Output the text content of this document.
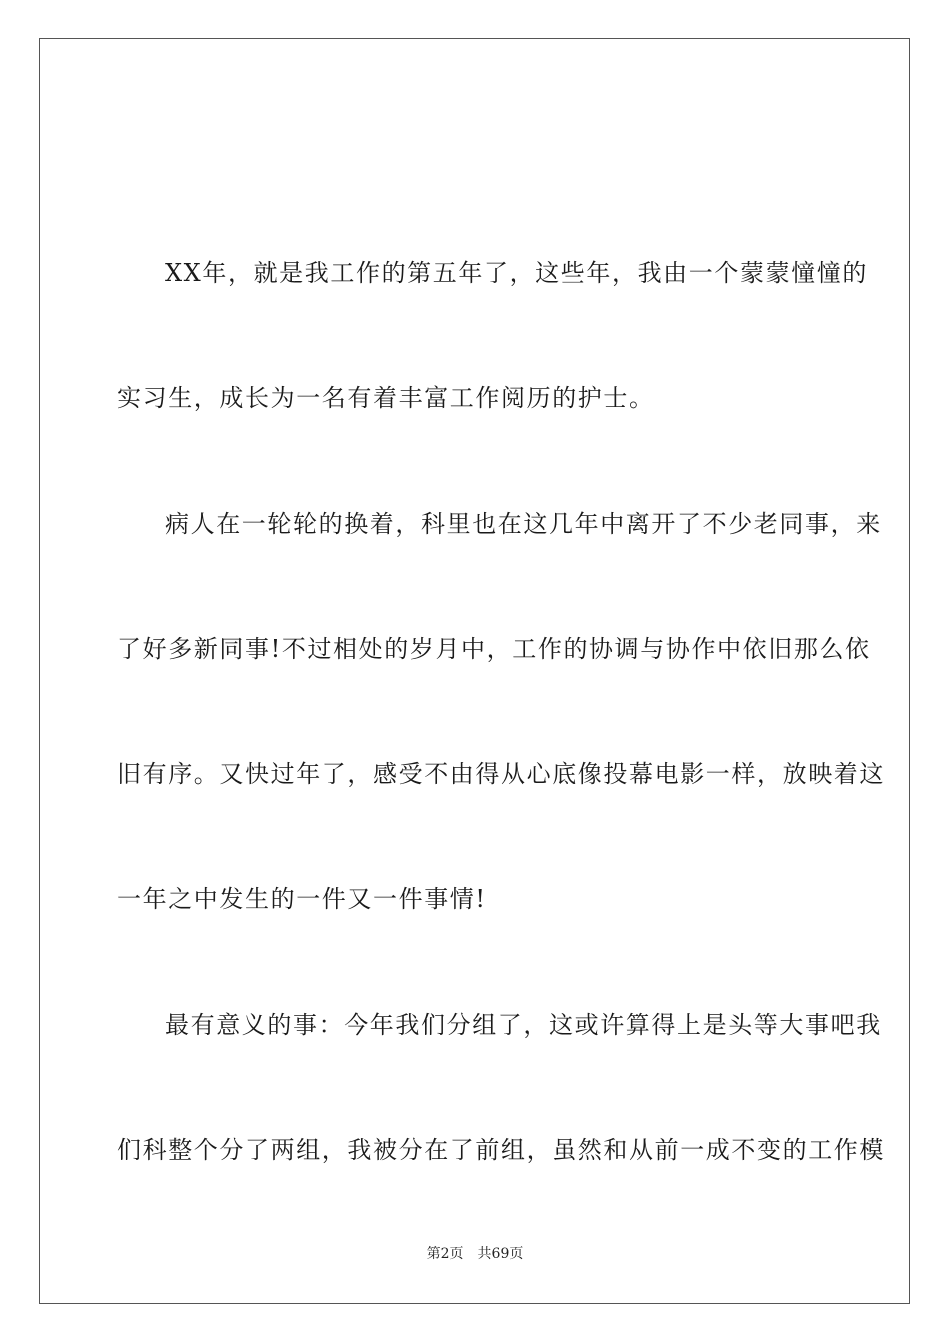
XX年，就是我工作的第五年了，这些年，我由一个蒙蒙憧憧的
实习生，成长为一名有着丰富工作阅历的护士。
病人在一轮轮的换着，科里也在这几年中离开了不少老同事，来
了好多新同事!不过相处的岁月中，工作的协调与协作中依旧那么依
旧有序。又快过年了，感受不由得从心底像投幕电影一样，放映着这
一年之中发生的一件又一件事情!
最有意义的事：今年我们分组了，这或许算得上是头等大事吧我
们科整个分了两组，我被分在了前组，虽然和从前一成不变的工作模
第2页 共69页
